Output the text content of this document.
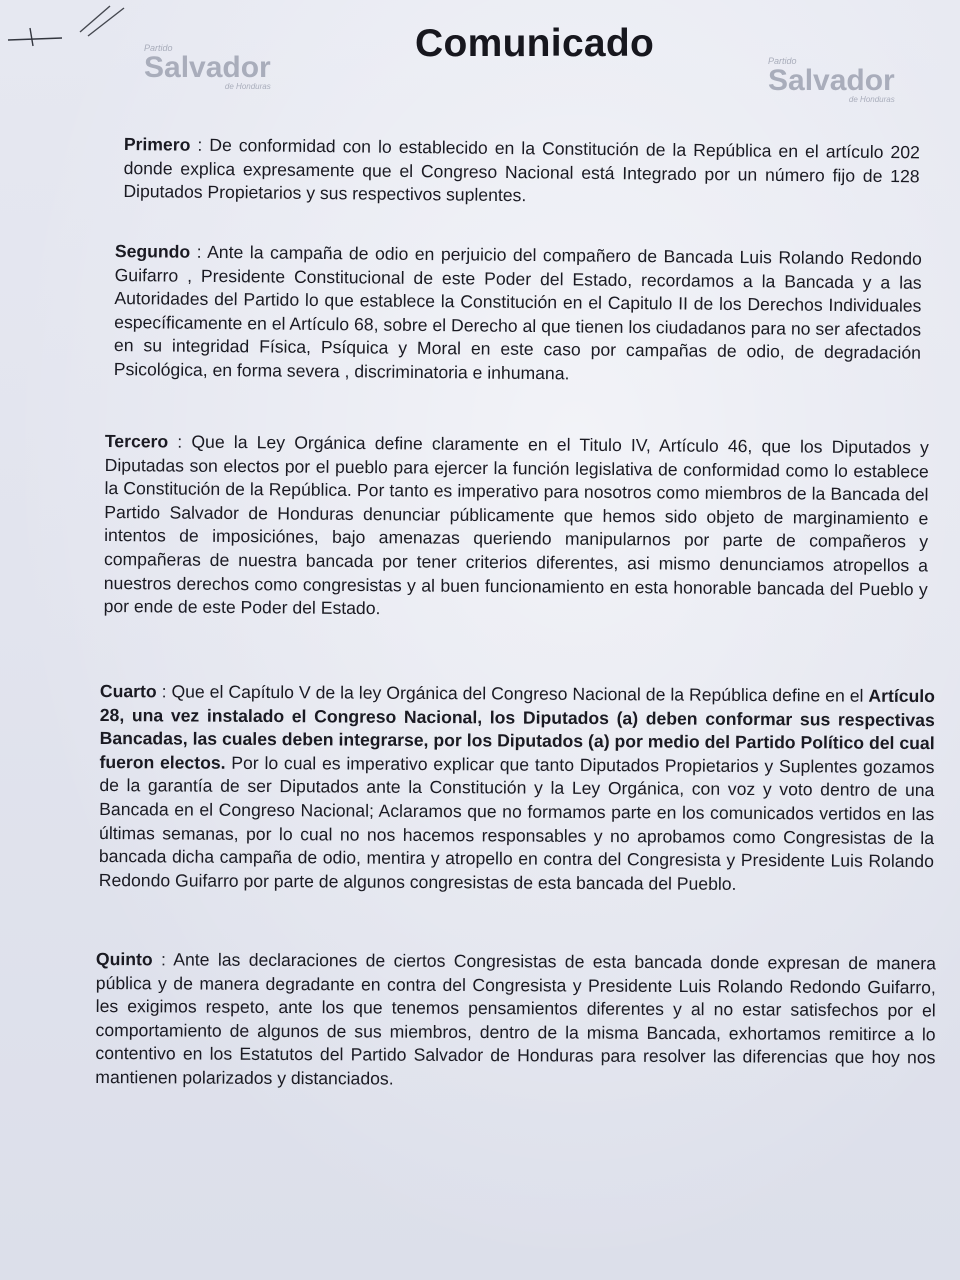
Partido
Salvador
de Honduras
Partido
Salvador
de Honduras
Comunicado

Primero : De conformidad con lo establecido en la Constitución de la República en el artículo 202 donde explica expresamente que el Congreso Nacional está Integrado por un número fijo de 128 Diputados Propietarios y sus respectivos suplentes.

Segundo : Ante la campaña de odio en perjuicio del compañero de Bancada Luis Rolando Redondo Guifarro , Presidente Constitucional de este Poder del Estado, recordamos a la Bancada y a las Autoridades del Partido lo que establece la Constitución en el Capitulo II de los Derechos Individuales específicamente en el Artículo 68, sobre el Derecho al que tienen los ciudadanos para no ser afectados en su integridad Física, Psíquica y Moral en este caso por campañas de odio, de degradación Psicológica, en forma severa , discriminatoria e inhumana.

Tercero : Que la Ley Orgánica define claramente en el Titulo IV, Artículo 46, que los Diputados y Diputadas son electos por el pueblo para ejercer la función legislativa de conformidad como lo establece la Constitución de la República. Por tanto es imperativo para nosotros como miembros de la Bancada del Partido Salvador de Honduras denunciar públicamente que hemos sido objeto de marginamiento e intentos de imposiciónes, bajo amenazas queriendo manipularnos por parte de compañeros y compañeras de nuestra bancada por tener criterios diferentes, asi mismo denunciamos atropellos a nuestros derechos como congresistas y al buen funcionamiento en esta honorable bancada del Pueblo y por ende de este Poder del Estado.

Cuarto : Que el Capítulo V de la ley Orgánica del Congreso Nacional de la República define en el Artículo 28, una vez instalado el Congreso Nacional, los Diputados (a) deben conformar sus respectivas Bancadas, las cuales deben integrarse, por los Diputados (a) por medio del Partido Político del cual fueron electos. Por lo cual es imperativo explicar que tanto Diputados Propietarios y Suplentes gozamos de la garantía de ser Diputados ante la Constitución y la Ley Orgánica, con voz y voto dentro de una Bancada en el Congreso Nacional; Aclaramos que no formamos parte en los comunicados vertidos en las últimas semanas, por lo cual no nos hacemos responsables y no aprobamos como Congresistas de la bancada dicha campaña de odio, mentira y atropello en contra del Congresista y Presidente Luis Rolando Redondo Guifarro por parte de algunos congresistas de esta bancada del Pueblo.

Quinto : Ante las declaraciones de ciertos Congresistas de esta bancada donde expresan de manera pública y de manera degradante en contra del Congresista y Presidente Luis Rolando Redondo Guifarro, les exigimos respeto, ante los que tenemos pensamientos diferentes y al no estar satisfechos por el comportamiento de algunos de sus miembros, dentro de la misma Bancada, exhortamos remitirce a lo contentivo en los Estatutos del Partido Salvador de Honduras para resolver las diferencias que hoy nos mantienen polarizados y distanciados.
